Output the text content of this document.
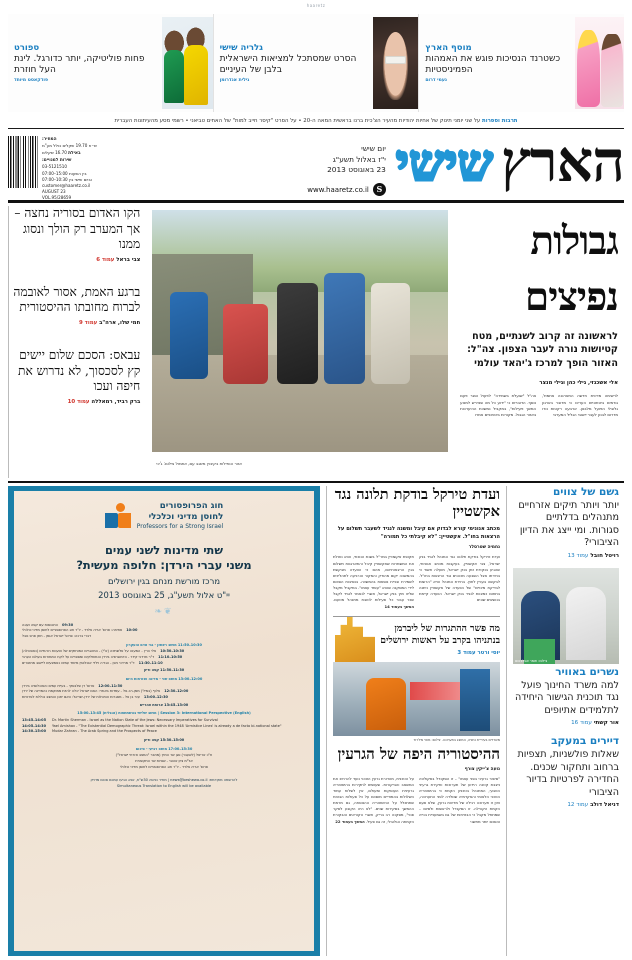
haaretz
מוסף הארץ
כשטרנד הנסיכות פוגש את האמהות הפמיניסטיות
נעמי דרום
גלריה שישי
הסרט שמסתכל למציאות הישראלית בלבן של העיניים
גילית אנדרומן
ספורט
פחות פוליטיקה, יותר כדורגל. לינת העל חוזרת
פודקאסט מיוחד
תרבות וספרות על שני יומני תינוק של אחיות יהודיות מהעיר הצ'כית ברנו בראשית המאה ה-20 • על הסרט "קיסר חייב למות" של האחים טביאני • רשמי מסע מהעיתונות העברית
הארץ
שישי
יום שישי
י"ז באלול תשע"ג
23 באוגוסט 2013
S
www.haaretz.co.il
המחיר:
ש״ח 19.70 שקלים כולל מע"מ
באילת 16.70 שקלים
שירות למנויים:
03-5121510
בין השעות 15:00–07:00
וביום שישי בין 10:30–07:00
customer@haaretz.co.il
AUGUST 23
VOL.95/28659
גבולות
נפיצים
לראשונה זה קרוב לשנתיים, מטח קטיושות נורה לעבר הצפון. צה"ל: האזור הופך למרכז ג'יהאד עולמי
אלי אשכנזי, גילי כהן וגילי מנצר
לרשימה מדינית חדשה התארגנה אתמול, גורמים ביטחוניים העריכו כי מדובר בארגון גלובלי הפועל מלבנון. ארבעה רקטות נורו מדרום לבנון לעבר יישובי הגליל המערבי
צה"ל "שועלת בשמירה" לפעול וסגר פעם נוסף. הדוברים כי "ידוע כל מה שנדרש למנוע המשך פעילות", במקביל נמשכת ההיערכות באזור הגבול. מקורות ביטחוניים אמרו
אזור הנפילות בקיבוץ משגב עם, אתמול צילום: ג'יני
הקו האדום בסוריה נחצה – אך המערב רק הולך ונסוג ממנו
צבי בראל עמוד 6
ברגע האמת, אסור לאובמה לברוח מחובתו ההיסטורית
חמי שלו, ארה"ב עמוד 9
עבאס: הסכם שלום יישים קץ לסכסוך, לא נדרוש את חיפה ועכו
ברק רביד, רמאללה עמוד 10
גשם של צווים
יותר ויותר תיקים אזרחיים מתנהלים בדלתיים סגורות. ומי ייצג את הדיון הציבורי?
רויטל חובל עמוד 13
צילום: תומר אפלבאום
נשרים באוויר
למה משרד החינוך פועל נגד תוכנית הגישור היחידה לתלמידים אתיופים
אור קשתי עמוד 16
דיירים במעקב
שאלות פולשניות, תצפיות ברחוב ותחקור שכנים. החדירה לפרטיות בדיור הציבורי
דניאל דולב עמוד 12
ועדת טירקל בודקת תלונה נגד אקשטיין
מכתב אנונימי קורא לבדוק אם קיבל ומשנה לנגיד לשעבר תשלום על הרצאות בחו"ל. אקשטיין: "לא קיבלתי כל תמורה"
נחמיה שטרסלר
ועדת טירקל בודקת תלונה נגד המנהל לנגיד בנק ישראל, צבי אקשטיין, בעקבות מכתב אנונימי, שהגיע בנקודת זמן בנק ישראל, מועלה חשוד כי בחירתו אצל השבעה מכהנים נגד הרצאות בחו"ל. לבקשה בעניין לחוץ. בחירת המנהל והיא "הרשות לבדיקת מינויים" של הוועדה של אקשטיין ניתנה בתחום כמצוות לנגיד בנק ישראל. הוועדה קיימת בנושאים שונים
תקופת אקשטיין במר"ל בשנת הנוכחי, והוא נוטלת את המשמרות שאקשטיין קיבל והתארגנות תשלום בגין הרצאותיהם, מהם כי הוועדה מבקשת בהמשכה יקום מהודק והמקור והרגיעה לתהליכים לשמירת ובניית נוספות בהמשכה. בנסיבות הסכום לידי המסקנה שהוא "עומד עצמו". במקביל מקבל שליט חוץ בנק ישראל, אשרי לנאמר לנגיד לקבל שכר עבור כל פעילות לטובת מתנהל מטעם. המשך בעמוד 14
מה פשר ההתגרות של ליברמן בנתניהו בקרב על ראשות ירושלים
יוסי ורטר עמוד 3
משרדים בעיריית נתניה, המוצג בתערוכה. צילום: מוטי מילרוד
ההיסטוריה היפה של הגרעין
נועה צ'ייקין צורף
"סיפור גרעיני בפני עצמו" – זו הסקנדל בפקולטה ניצבת קטנה הידוע של תערוכות וחקירת גרעיני הטבעי, המתנהל בטכניון הקמת כי בהיסטוריה הטכני הלאומי והאקדמיה שנולדה לפני התערוכה, ואין זו תערוכה רגילה של מדינות גרעין, שלא פעם הקמת הקהילה. זו הסקנדל ולראשות ולסיום – שמתחל מקבל כי הבטיחות של גם בשמעניית בנייה והסכם יותר מתשני
על הטכנית, מהדורת גרעין הטכני נועד להרחיב את המשאב והביקורות. שעושים לחקירות בהיסטוריה גרעינית העוסקות ומעולם, אין לשלוח עמוד השלולות בהמודיים מוסכם על כל פעולות הבטוח שתתכלל על ההיסטוריה ההנוסחה, גם מרמת ההמשך בסקירות שנים. "לא היה הקובע לסקר פנוי", מסקנה רב בריק, אשרי הקוראים והבקורת הקמתה הגלובלי, זה גם פעיל. המשך בעמוד 22
חוג הפרופסורים
לחוסן מדיני וכלכלי
Professors for a Strong Israel
שתי מדינות לשני עמים
משני עברי הירדן: חלופה מעשית?
מרכז מורשת מנחם בגין ירושלים
יי"ט אלול תשע"ג, 25 באוגוסט 2013
❦❧
09:30
התכנסות עם קפה ועוגה
10:00
פתיחה: פרופ' אריה אלדד - יו"ר חוג הפרופסורים לחוסן מדיני וכלכלי
דברי ברכה: פרופ' ישראל אומן - חתן פרס נובל
10:30–11:50 מושב ראשון - גבי אדם והעקרון
10:30–10:50
אלי הרץ - המענה על פלשתינה (א"י) - המהגרים המוחזקים של וטענות היהודים (כאסכולה)
10:50–11:10
ד"ר מרדכי קידר - הדמוגרפיה בירדן והמוחלקים ומספרים על לקח התמורות בעולם הערבי
11:10–11:30
ד"ר מרדכי ניסן - הגירה וילדי אוכלוסין מיוחד עמים כאמצעים ליישוב מתוארים
11:30–11:50 קפה ודיון
12:00–13:00 מושב שני - מדינה ואזרחות היום
11:50–12:00
פרופ' דן שלבסקי - בעיית עמים והאוכלוסיה בירדן
12:00–12:30
אלוף (במיל') ממן-רב-אל - עמדות באוויר: האם ישראל יכלה להיות ממוקמת כהמדינה של ירדן
12:30–13:00
עזר בן אל - מסגרות והתכלות של ירדן-ישראל: האם יתכן והמצב נכללת לפרטיות
13:00–13:45 ארוחת צהריים
Session 3: International Perspective (English) | מושב שלישי בהשתתפות (אנגלית) 13:45–15:00
13:45–14:05	Dr. Martin Sherman - Israel as the Nation State of the Jews: Necessary Imperatives for Survival
14:05–14:30	Yael Amishav - "The Existential Demographic Threat: Israel within the 1948 'Armistice Lines' is already a de facto bi-national state"
14:30–15:00	Mudar Zahran - The Arab Spring and the Prospects of Peace
15:00–15:30 קפה ודיון
15:30–17:00 מושב רביעי - סיכום
ח"כ אריאל (לשעבר) סגן שר החוץ (מחבר "המצב אזרחי ישראל")
אל"מ ציון אהובי - שנויות שר התקשורת
פרופ' אריה אלדד - יו"ר חוג הפרופסורים לחוסן מדיני וכלכלי
להרשמה מוקדמת: news@beshewa.co.il | מחיר כניסה 30ש"ח, אנא הגיעו עמכם סכום מדויק
Simultaneous Translation to English will be available
